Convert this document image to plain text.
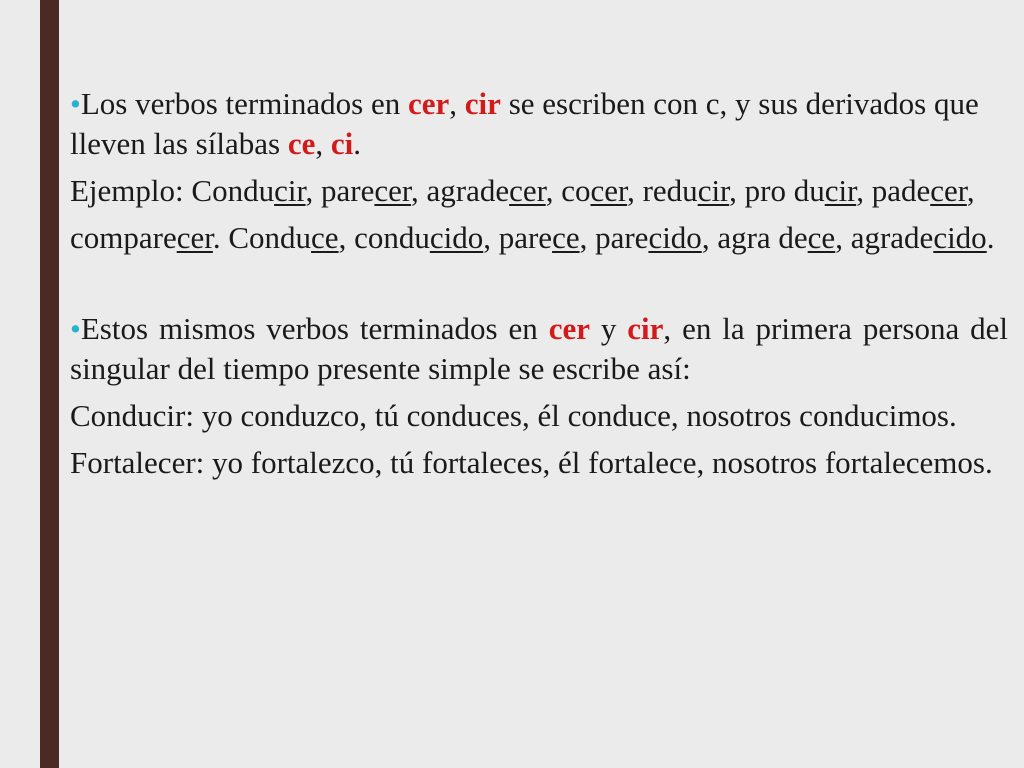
•Los verbos terminados en cer, cir se escriben con c, y sus derivados que lleven las sílabas ce, ci.

Ejemplo: Conducir, parecer, agradecer, cocer, reducir, pro ducir, padecer,

comparecer. Conduce, conducido, parece, parecido, agra dece, agradecido.

•Estos mismos verbos terminados en cer y cir, en la primera persona del singular del tiempo presente simple se escribe así:

Conducir: yo conduzco, tú conduces, él conduce, nosotros conducimos.

Fortalecer: yo fortalezco, tú fortaleces, él fortalece, nosotros fortalecemos.
